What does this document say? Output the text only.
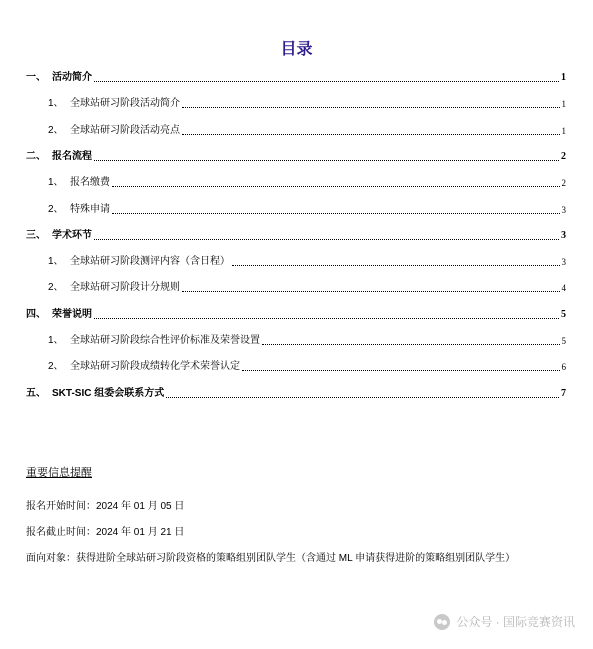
目录
一、 活动简介	1
1、 全球站研习阶段活动简介	1
2、 全球站研习阶段活动亮点	1
二、 报名流程	2
1、 报名缴费	2
2、 特殊申请	3
三、 学术环节	3
1、 全球站研习阶段测评内容（含日程）	3
2、 全球站研习阶段计分规则	4
四、 荣誉说明	5
1、 全球站研习阶段综合性评价标准及荣誉设置	5
2、 全球站研习阶段成绩转化学术荣誉认定	6
五、 SKT-SIC 组委会联系方式	7
重要信息提醒
报名开始时间：2024 年 01 月 05 日
报名截止时间：2024 年 01 月 21 日
面向对象：获得进阶全球站研习阶段资格的策略组别团队学生（含通过 ML 申请获得进阶的策略组别团队学生）
公众号 · 国际竞赛资讯
